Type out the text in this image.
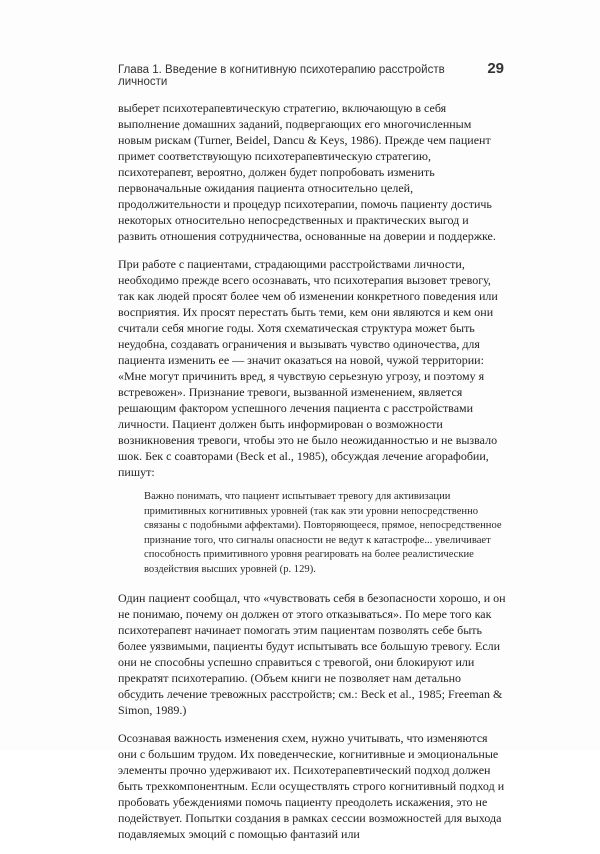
Глава 1. Введение в когнитивную психотерапию расстройств личности
29

выберет психотерапевтическую стратегию, включающую в себя выполнение домашних заданий, подвергающих его многочисленным новым рискам (Turner, Beidel, Dancu & Keys, 1986). Прежде чем пациент примет соответствующую психотерапевтическую стратегию, психотерапевт, вероятно, должен будет попробовать изменить первоначальные ожидания пациента относительно целей, продолжительности и процедур психотерапии, помочь пациенту достичь некоторых относительно непосредственных и практических выгод и развить отношения сотрудничества, основанные на доверии и поддержке.

При работе с пациентами, страдающими расстройствами личности, необходимо прежде всего осознавать, что психотерапия вызовет тревогу, так как людей просят более чем об изменении конкретного поведения или восприятия. Их просят перестать быть теми, кем они являются и кем они считали себя многие годы. Хотя схематическая структура может быть неудобна, создавать ограничения и вызывать чувство одиночества, для пациента изменить ее — значит оказаться на новой, чужой территории: «Мне могут причинить вред, я чувствую серьезную угрозу, и поэтому я встревожен». Признание тревоги, вызванной изменением, является решающим фактором успешного лечения пациента с расстройствами личности. Пациент должен быть информирован о возможности возникновения тревоги, чтобы это не было неожиданностью и не вызвало шок. Бек с соавторами (Beck et al., 1985), обсуждая лечение агорафобии, пишут:

Важно понимать, что пациент испытывает тревогу для активизации примитивных когнитивных уровней (так как эти уровни непосредственно связаны с подобными аффектами). Повторяющееся, прямое, непосредственное признание того, что сигналы опасности не ведут к катастрофе... увеличивает способность примитивного уровня реагировать на более реалистические воздействия высших уровней (р. 129).

Один пациент сообщал, что «чувствовать себя в безопасности хорошо, и он не понимаю, почему он должен от этого отказываться». По мере того как психотерапевт начинает помогать этим пациентам позволять себе быть более уязвимыми, пациенты будут испытывать все большую тревогу. Если они не способны успешно справиться с тревогой, они блокируют или прекратят психотерапию. (Объем книги не позволяет нам детально обсудить лечение тревожных расстройств; см.: Beck et al., 1985; Freeman & Simon, 1989.)

Осознавая важность изменения схем, нужно учитывать, что изменяются они с большим трудом. Их поведенческие, когнитивные и эмоциональные элементы прочно удерживают их. Психотерапевтический подход должен быть трехкомпонентным. Если осуществлять строго когнитивный подход и пробовать убеждениями помочь пациенту преодолеть искажения, это не подействует. Попытки создания в рамках сессии возможностей для выхода подавляемых эмоций с помощью фантазий или
